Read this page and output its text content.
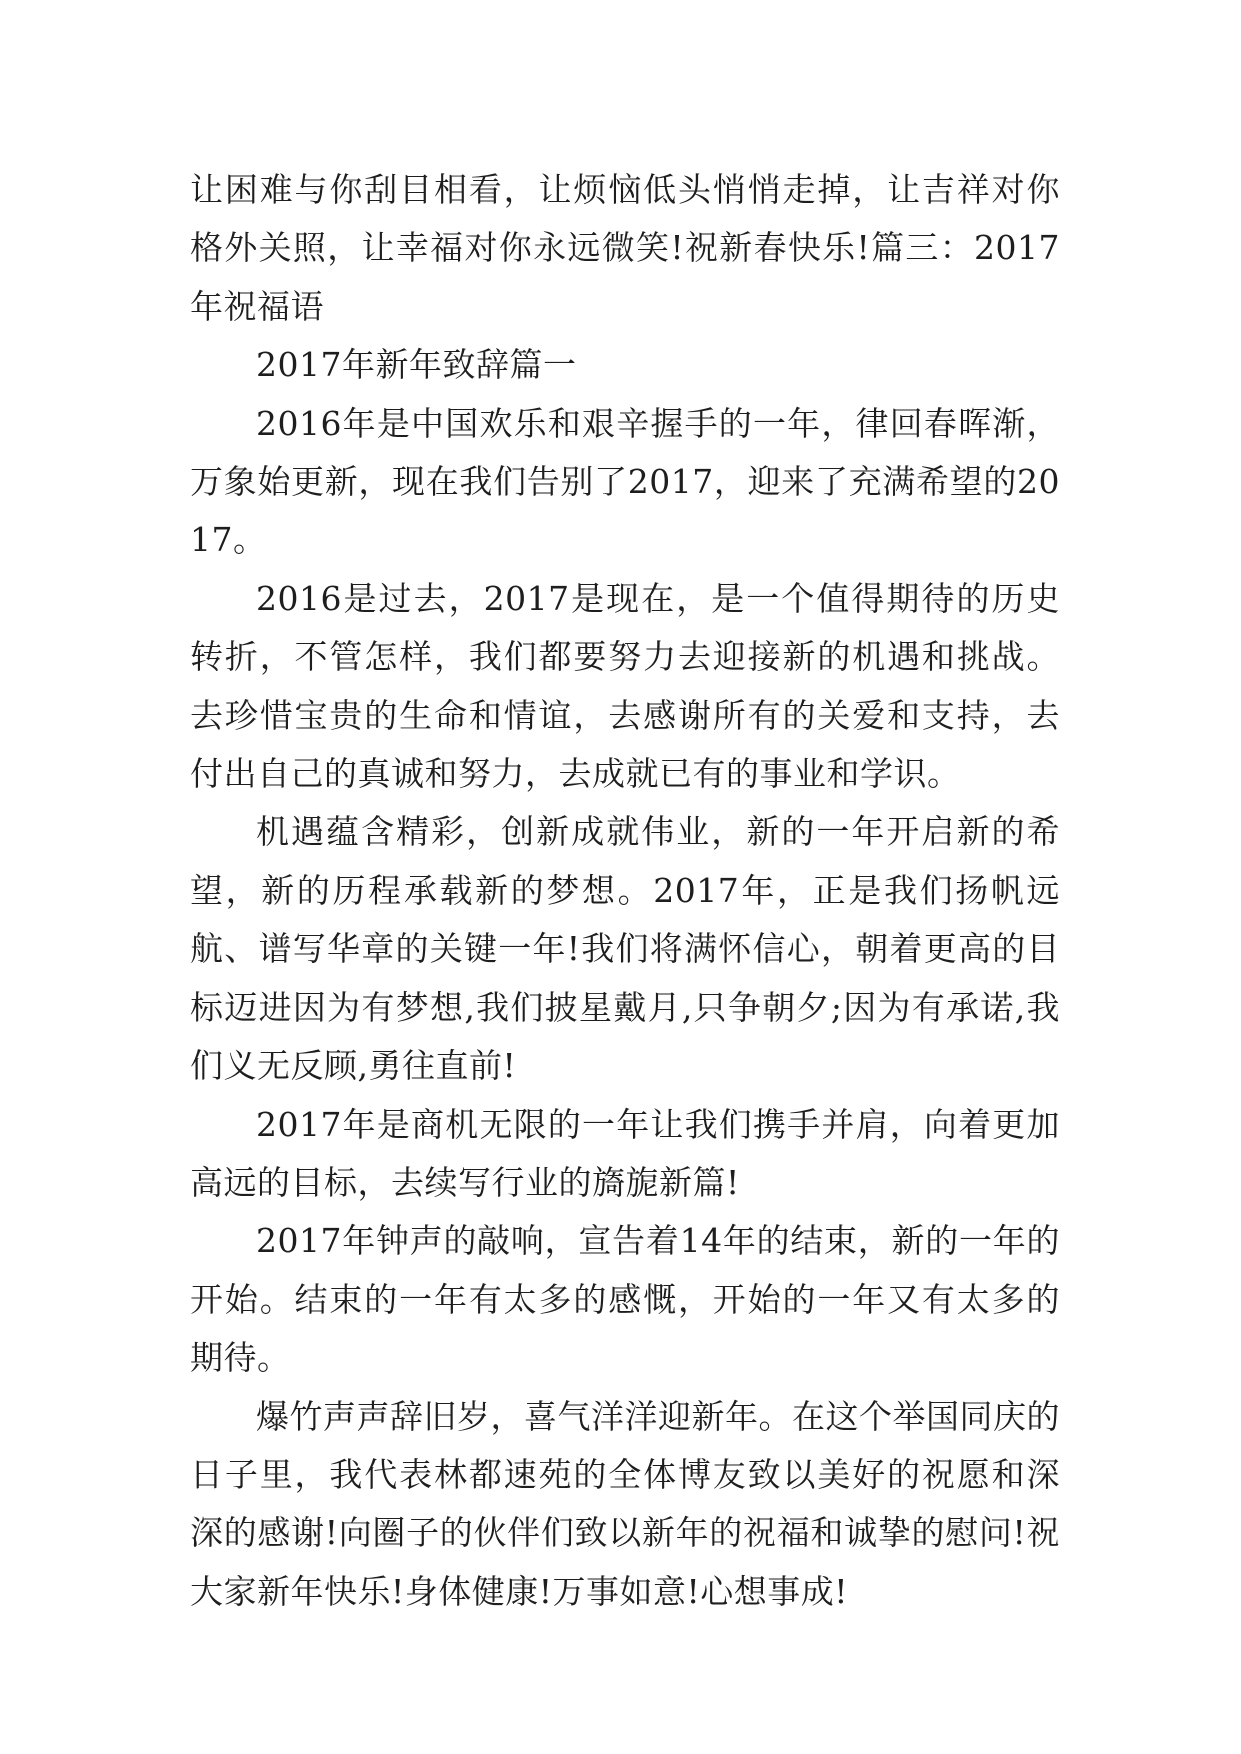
让困难与你刮目相看，让烦恼低头悄悄走掉，让吉祥对你格外关照，让幸福对你永远微笑!祝新春快乐!篇三：2017年祝福语

2017年新年致辞篇一

2016年是中国欢乐和艰辛握手的一年，律回春晖渐，万象始更新，现在我们告别了2017，迎来了充满希望的2017。

2016是过去，2017是现在，是一个值得期待的历史转折，不管怎样，我们都要努力去迎接新的机遇和挑战。去珍惜宝贵的生命和情谊，去感谢所有的关爱和支持，去付出自己的真诚和努力，去成就已有的事业和学识。

机遇蕴含精彩，创新成就伟业，新的一年开启新的希望，新的历程承载新的梦想。2017年，正是我们扬帆远航、谱写华章的关键一年!我们将满怀信心，朝着更高的目标迈进因为有梦想,我们披星戴月,只争朝夕;因为有承诺,我们义无反顾,勇往直前!

2017年是商机无限的一年让我们携手并肩，向着更加高远的目标，去续写行业的旖旎新篇!

2017年钟声的敲响，宣告着14年的结束，新的一年的开始。结束的一年有太多的感慨，开始的一年又有太多的期待。

爆竹声声辞旧岁，喜气洋洋迎新年。在这个举国同庆的日子里，我代表林都速苑的全体博友致以美好的祝愿和深深的感谢!向圈子的伙伴们致以新年的祝福和诚挚的慰问!祝大家新年快乐!身体健康!万事如意!心想事成!
